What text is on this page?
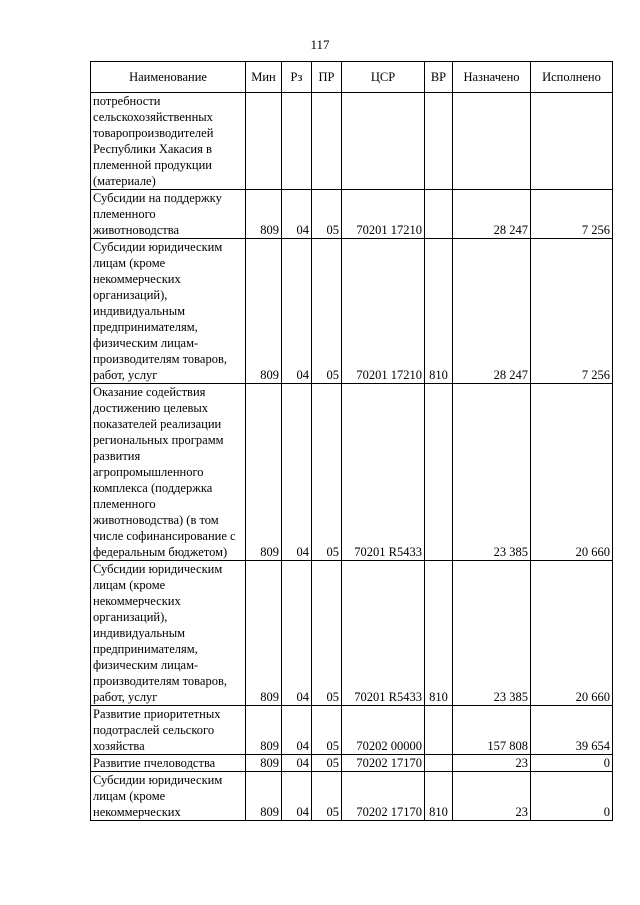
117
Наименование	Мин	Рз	ПР	ЦСР	ВР	Назначено	Исполнено
потребности сельскохозяйственных товаропроизводителей Республики Хакасия в племенной продукции (материале)							
Субсидии на поддержку племенного животноводства	809	04	05	70201 17210		28 247	7 256
Субсидии юридическим лицам (кроме некоммерческих организаций), индивидуальным предпринимателям, физическим лицам-производителям товаров, работ, услуг	809	04	05	70201 17210	810	28 247	7 256
Оказание содействия достижению целевых показателей реализации региональных программ развития агропромышленного комплекса (поддержка племенного животноводства) (в том числе софинансирование с федеральным бюджетом)	809	04	05	70201 R5433		23 385	20 660
Субсидии юридическим лицам (кроме некоммерческих организаций), индивидуальным предпринимателям, физическим лицам-производителям товаров, работ, услуг	809	04	05	70201 R5433	810	23 385	20 660
Развитие приоритетных подотраслей сельского хозяйства	809	04	05	70202 00000		157 808	39 654
Развитие пчеловодства	809	04	05	70202 17170		23	0
Субсидии юридическим лицам (кроме некоммерческих	809	04	05	70202 17170	810	23	0
